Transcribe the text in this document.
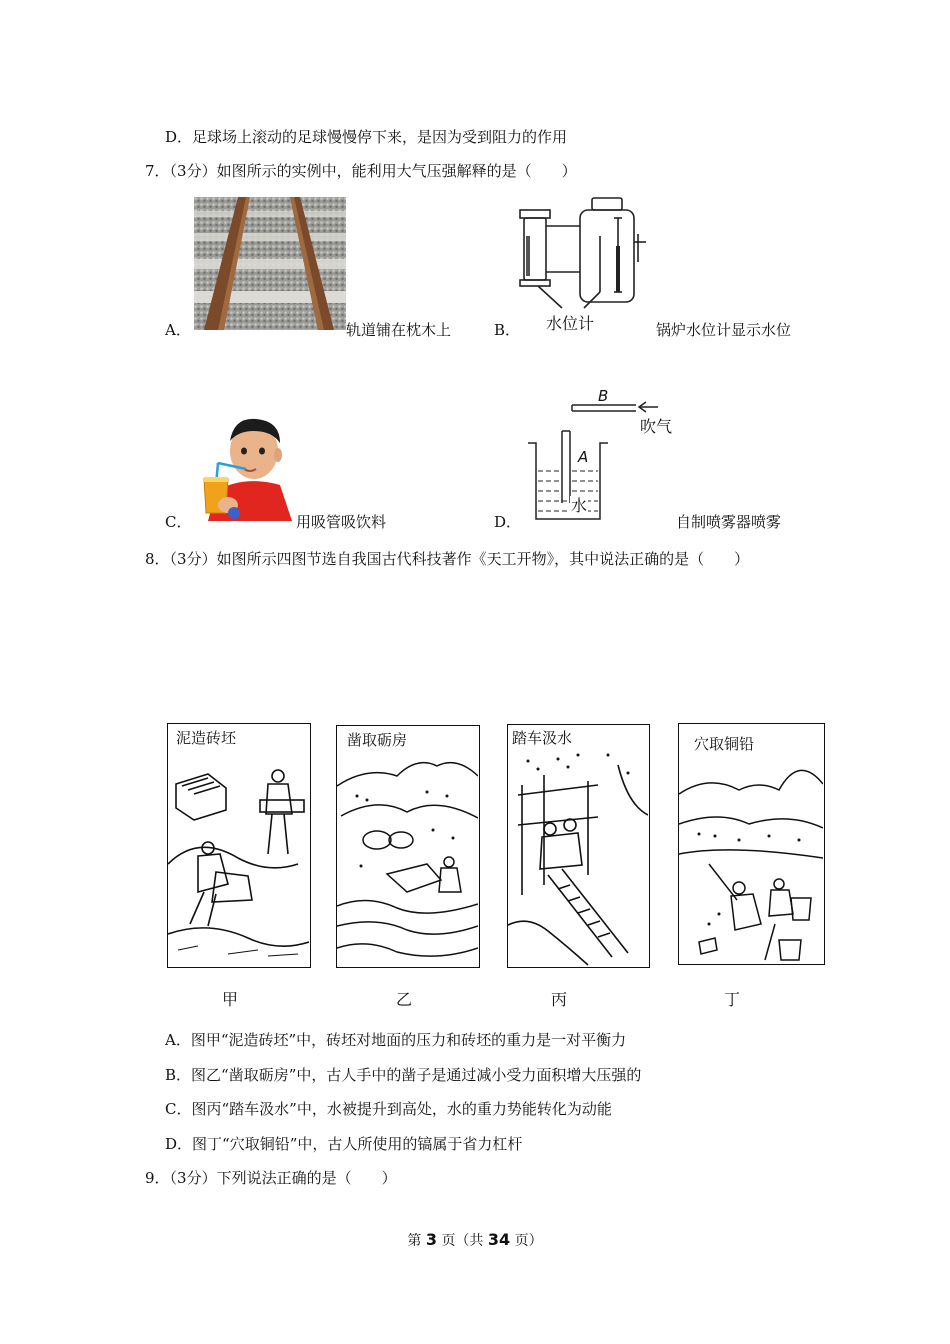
D．足球场上滚动的足球慢慢停下来，是因为受到阻力的作用
7．（3分）如图所示的实例中，能利用大气压强解释的是（　　）
A．	轨道铺在枕木上	B． 水位计	锅炉水位计显示水位
C．	用吸管吸饮料	D．
B
A
吹气
水
自制喷雾器喷雾
8．（3分）如图所示四图节选自我国古代科技著作《天工开物》，其中说法正确的是（　　）
泥造砖坯	凿取砺房	踏车汲水	穴取铜铅
甲	乙	丙	丁
A．图甲“泥造砖坯”中，砖坯对地面的压力和砖坯的重力是一对平衡力
B．图乙“凿取砺房”中，古人手中的凿子是通过减小受力面积增大压强的
C．图丙“踏车汲水”中，水被提升到高处，水的重力势能转化为动能
D．图丁“穴取铜铅”中，古人所使用的镐属于省力杠杆
9．（3分）下列说法正确的是（　　）
第 3 页（共 34 页）
